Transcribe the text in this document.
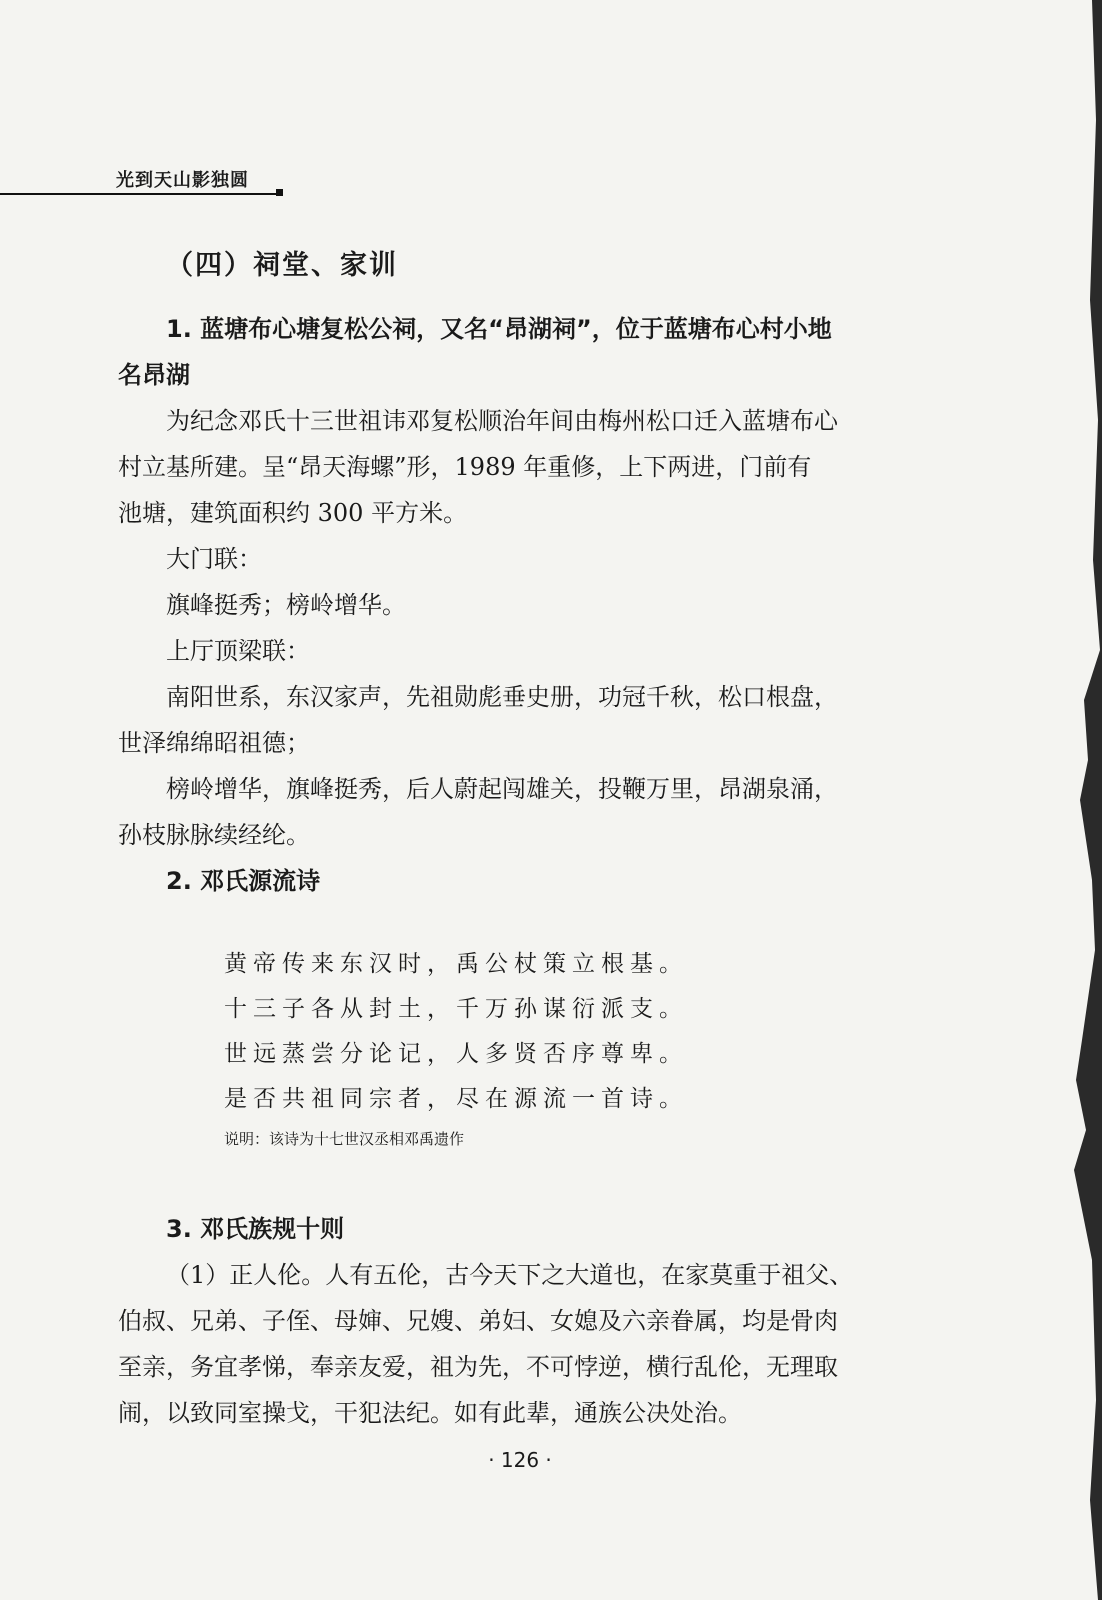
光到天山影独圆
（四）祠堂、家训
1. 蓝塘布心塘复松公祠，又名“昂湖祠”，位于蓝塘布心村小地
名昂湖
为纪念邓氏十三世祖讳邓复松顺治年间由梅州松口迁入蓝塘布心
村立基所建。呈“昂天海螺”形，1989 年重修，上下两进，门前有
池塘，建筑面积约 300 平方米。
大门联：
旗峰挺秀；榜岭增华。
上厅顶梁联：
南阳世系，东汉家声，先祖勋彪垂史册，功冠千秋，松口根盘，
世泽绵绵昭祖德；
榜岭增华，旗峰挺秀，后人蔚起闯雄关，投鞭万里，昂湖泉涌，
孙枝脉脉续经纶。
2. 邓氏源流诗
黄帝传来东汉时，禹公杖策立根基。
十三子各从封土，千万孙谋衍派支。
世远蒸尝分论记，人多贤否序尊卑。
是否共祖同宗者，尽在源流一首诗。
说明：该诗为十七世汉丞相邓禹遗作
3. 邓氏族规十则
（1）正人伦。人有五伦，古今天下之大道也，在家莫重于祖父、
伯叔、兄弟、子侄、母婶、兄嫂、弟妇、女媳及六亲眷属，均是骨肉
至亲，务宜孝悌，奉亲友爱，祖为先，不可悖逆，横行乱伦，无理取
闹，以致同室操戈，干犯法纪。如有此辈，通族公决处治。
· 126 ·
